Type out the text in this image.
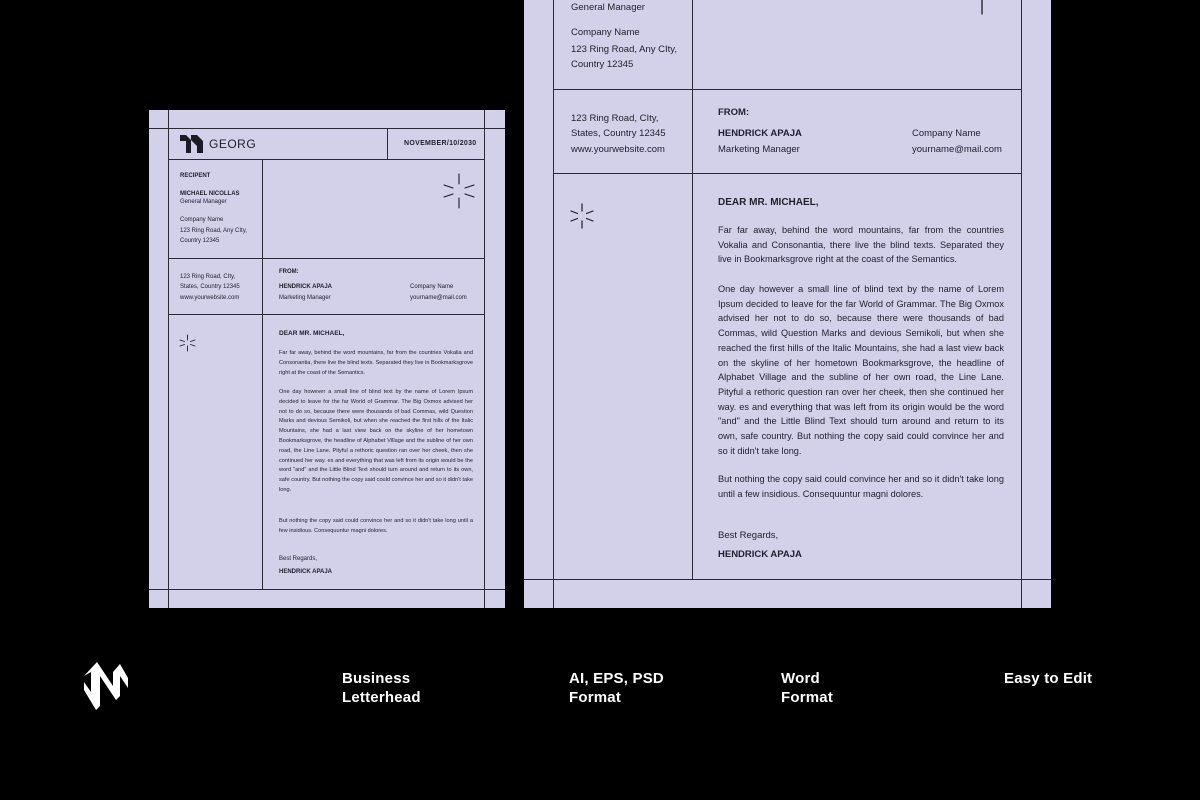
GEORG	NOVEMBER/10/2030
RECIPENT
MICHAEL NICOLLAS
General Manager
Company Name
123 Ring Road, Any CIty,
Country 12345
123 Ring Road, CIty,
States, Country 12345
www.yourwebsite.com
FROM:
HENDRICK APAJA
Marketing Manager
Company Name
yourname@mail.com
DEAR MR. MICHAEL,

Far far away, behind the word mountains, far from the countries Vokalia and Consonantia, there live the blind texts. Separated they live in Bookmarksgrove right at the coast of the Semantics.

One day however a small line of blind text by the name of Lorem Ipsum decided to leave for the far World of Grammar. The Big Oxmox advised her not to do so, because there were thousands of bad Commas, wild Question Marks and devious Semikoli, but when she reached the first hills of the Italic Mountains, she had a last view back on the skyline of her hometown Bookmarksgrove, the headline of Alphabet Village and the subline of her own road, the Line Lane. Pityful a rethoric question ran over her cheek, then she continued her way. es and everything that was left from its origin would be the word "and" and the Little Blind Text should turn around and return to its own, safe country. But nothing the copy said could convince her and so it didn't take long.

But nothing the copy said could convince her and so it didn't take long until a few insidious. Consequuntur magni dolores.

Best Regards,
HENDRICK APAJA
General Manager
Company Name
123 Ring Road, Any CIty,
Country 12345
123 Ring Road, CIty,
States, Country 12345
www.yourwebsite.com
FROM:
HENDRICK APAJA
Marketing Manager
Company Name
yourname@mail.com
DEAR MR. MICHAEL,

Far far away, behind the word mountains, far from the countries Vokalia and Consonantia, there live the blind texts. Separated they live in Bookmarksgrove right at the coast of the Semantics.

One day however a small line of blind text by the name of Lorem Ipsum decided to leave for the far World of Grammar. The Big Oxmox advised her not to do so, because there were thousands of bad Commas, wild Question Marks and devious Semikoli, but when she reached the first hills of the Italic Mountains, she had a last view back on the skyline of her hometown Bookmarksgrove, the headline of Alphabet Village and the subline of her own road, the Line Lane. Pityful a rethoric question ran over her cheek, then she continued her way. es and everything that was left from its origin would be the word "and" and the Little Blind Text should turn around and return to its own, safe country. But nothing the copy said could convince her and so it didn't take long.

But nothing the copy said could convince her and so it didn't take long until a few insidious. Consequuntur magni dolores.

Best Regards,
HENDRICK APAJA
Business
Letterhead
AI, EPS, PSD
Format
Word
Format
Easy to Edit
